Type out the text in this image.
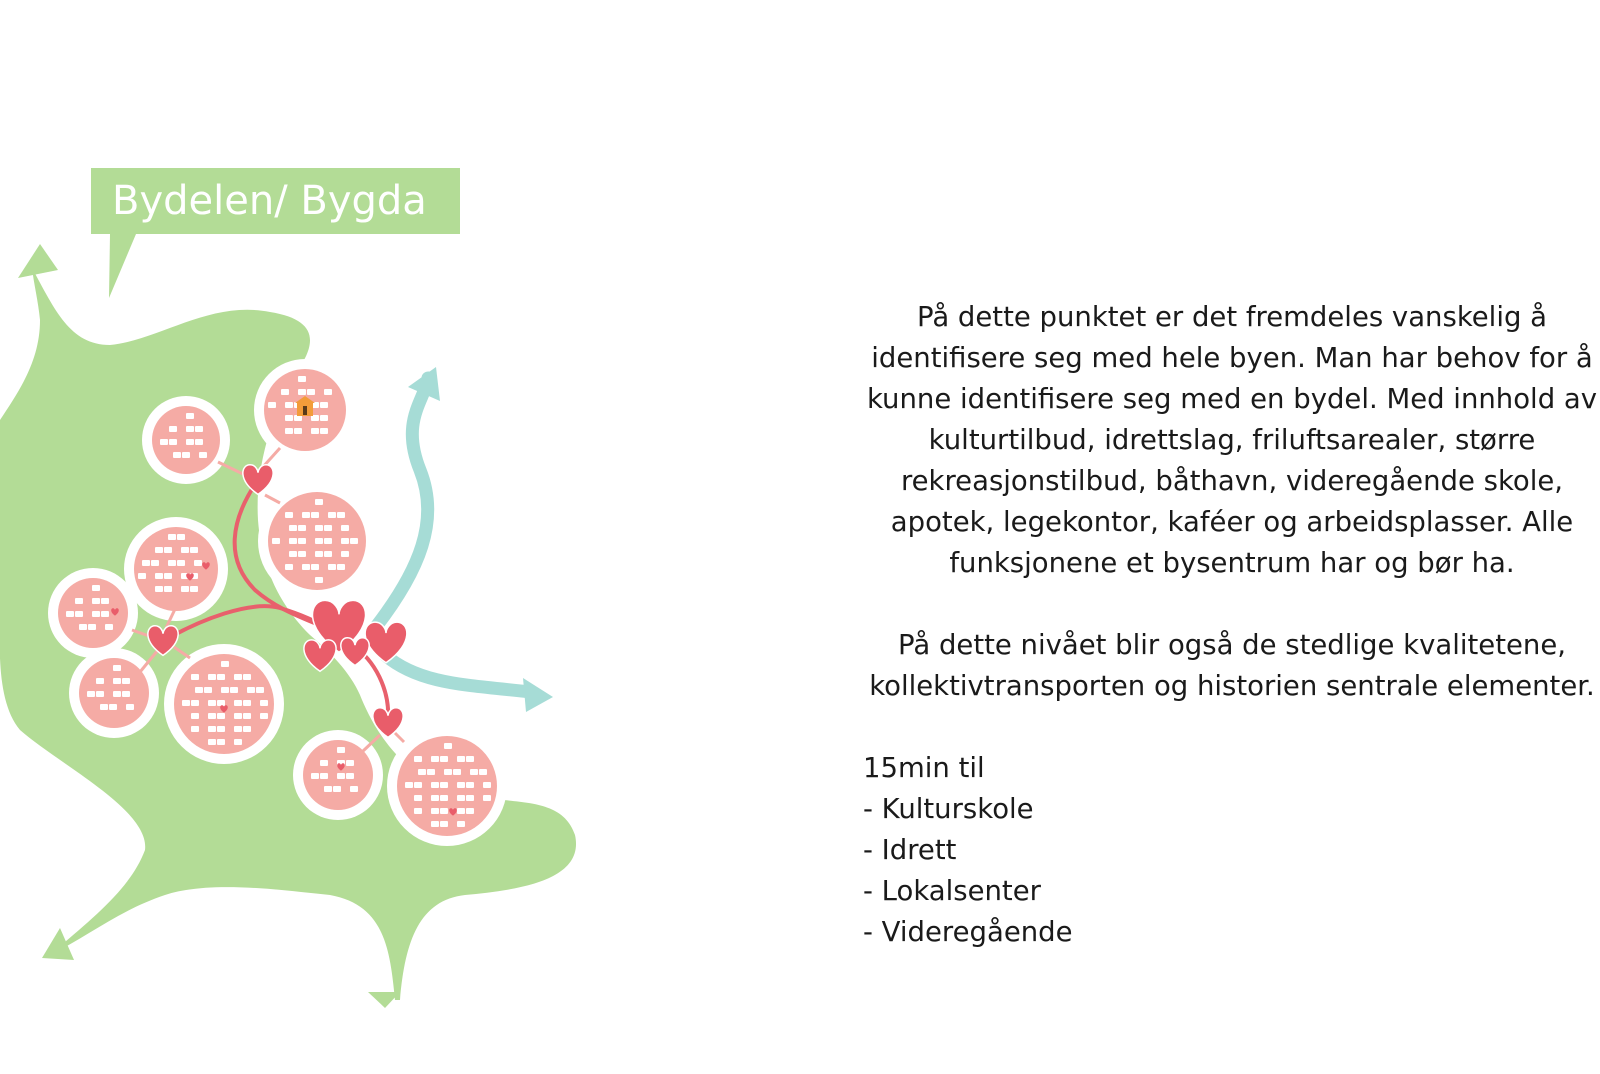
Bydelen/ Bygda

På dette punktet er det fremdeles vanskelig å identifisere seg med hele byen. Man har behov for å kunne identifisere seg med en bydel. Med innhold av kulturtilbud, idrettslag, friluftsarealer, større rekreasjonstilbud, båthavn, videregående skole, apotek, legekontor, kaféer og arbeidsplasser. Alle funksjonene et bysentrum har og bør ha.

På dette nivået blir også de stedlige kvalitetene, kollektivtransporten og historien sentrale elementer.

15min til
- Kulturskole
- Idrett
- Lokalsenter
- Videregående
